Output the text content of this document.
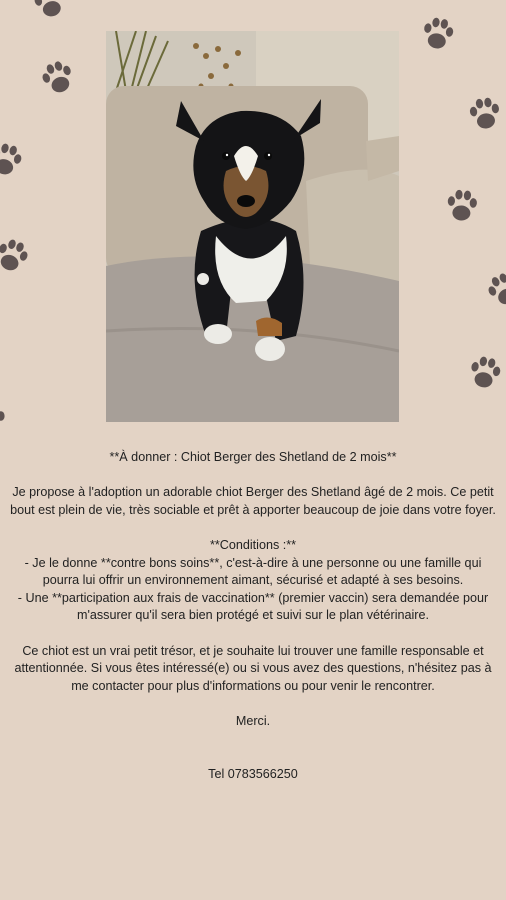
**À donner : Chiot Berger des Shetland de 2 mois**

Je propose à l'adoption un adorable chiot Berger des Shetland âgé de 2 mois. Ce petit bout est plein de vie, très sociable et prêt à apporter beaucoup de joie dans votre foyer.

**Conditions :**

- Je le donne **contre bons soins**, c'est-à-dire à une personne ou une famille qui pourra lui offrir un environnement aimant, sécurisé et adapté à ses besoins.

- Une **participation aux frais de vaccination** (premier vaccin) sera demandée pour m'assurer qu'il sera bien protégé et suivi sur le plan vétérinaire.

Ce chiot est un vrai petit trésor, et je souhaite lui trouver une famille responsable et attentionnée. Si vous êtes intéressé(e) ou si vous avez des questions, n'hésitez pas à me contacter pour plus d'informations ou pour venir le rencontrer.

Merci.

Tel 0783566250
